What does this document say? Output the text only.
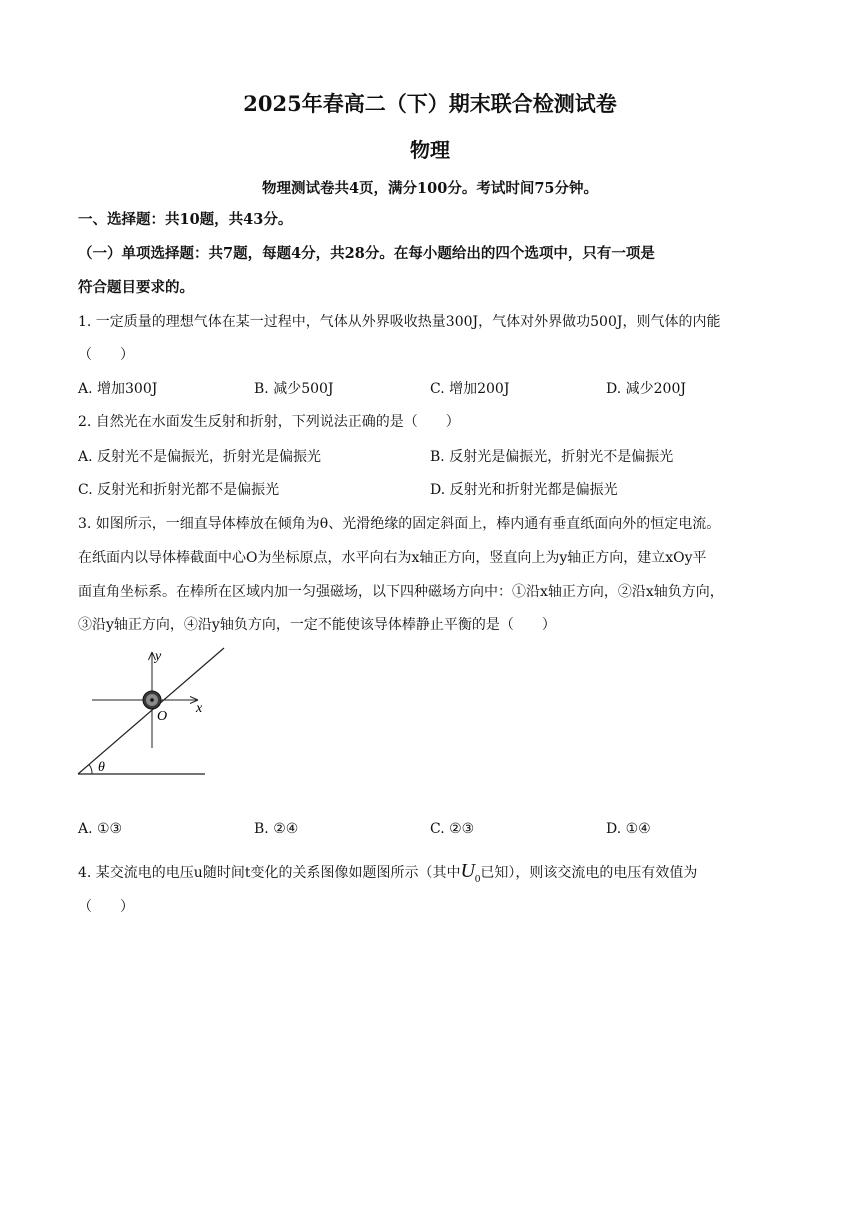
2025年春高二（下）期末联合检测试卷
物理
物理测试卷共4页，满分100分。考试时间75分钟。
一、选择题：共10题，共43分。
（一）单项选择题：共7题，每题4分，共28分。在每小题给出的四个选项中，只有一项是
符合题目要求的。
1. 一定质量的理想气体在某一过程中，气体从外界吸收热量300J，气体对外界做功500J，则气体的内能
（　　）
A. 增加300J	B. 减少500J	C. 增加200J	D. 减少200J
2. 自然光在水面发生反射和折射，下列说法正确的是（　　）
A. 反射光不是偏振光，折射光是偏振光	B. 反射光是偏振光，折射光不是偏振光
C. 反射光和折射光都不是偏振光	D. 反射光和折射光都是偏振光
3. 如图所示，一细直导体棒放在倾角为θ、光滑绝缘的固定斜面上，棒内通有垂直纸面向外的恒定电流。
在纸面内以导体棒截面中心O为坐标原点，水平向右为x轴正方向，竖直向上为y轴正方向，建立xOy平
面直角坐标系。在棒所在区域内加一匀强磁场，以下四种磁场方向中：①沿x轴正方向，②沿x轴负方向，
③沿y轴正方向，④沿y轴负方向，一定不能使该导体棒静止平衡的是（　　）
θ
y
x
O
A. ①③	B. ②④	C. ②③	D. ①④
4. 某交流电的电压u随时间t变化的关系图像如题图所示（其中$U_0$已知），则该交流电的电压有效值为
（　　）
